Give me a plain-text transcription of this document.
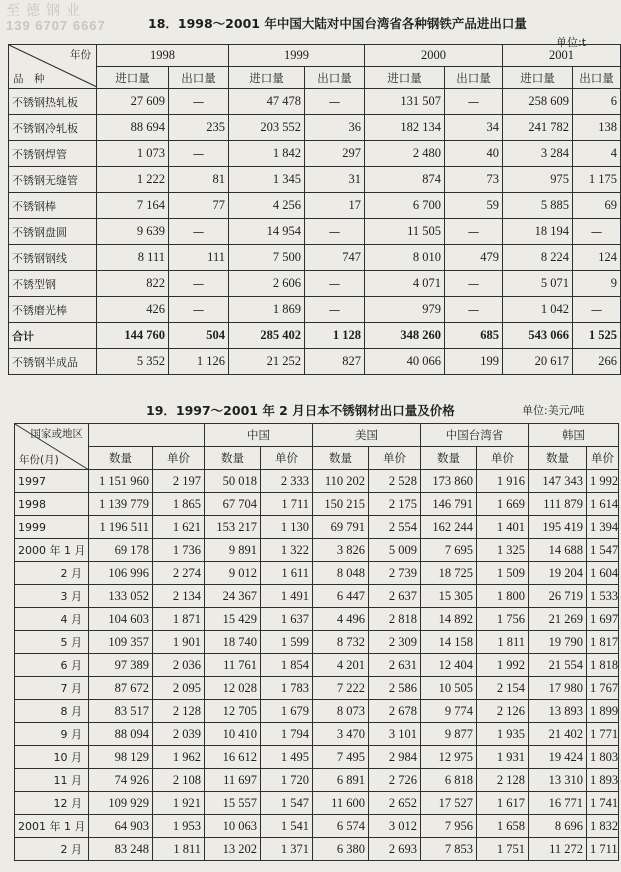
至德钢业
139 6707 6667	18．1998～2001 年中国大陆对中国台湾省各种钢铁产品进出口量
单位:t
年份
品　种	1998		1999		2000		2001	
	进口量	出口量	进口量	出口量	进口量	出口量	进口量	出口量
不锈钢热轧板	27 609	—	47 478	—	131 507	—	258 609	6
不锈钢冷轧板	88 694	235	203 552	36	182 134	34	241 782	138
不锈钢焊管	1 073	—	1 842	297	2 480	40	3 284	4
不锈钢无缝管	1 222	81	1 345	31	874	73	975	1 175
不锈钢棒	7 164	77	4 256	17	6 700	59	5 885	69
不锈钢盘圆	9 639	—	14 954	—	11 505	—	18 194	—
不锈钢钢线	8 111	111	7 500	747	8 010	479	8 224	124
不锈型钢	822	—	2 606	—	4 071	—	5 071	9
不锈磨光棒	426	—	1 869	—	979	—	1 042	—
合计	144 760	504	285 402	1 128	348 260	685	543 066	1 525
不锈钢半成品	5 352	1 126	21 252	827	40 066	199	20 617	266
19．1997～2001 年 2 月日本不锈钢材出口量及价格	单位:美元/吨
国家或地区
年份(月)			中国		美国		中国台湾省		韩国	
	数量	单价	数量	单价	数量	单价	数量	单价	数量	单价
1997	1 151 960	2 197	50 018	2 333	110 202	2 528	173 860	1 916	147 343	1 992
1998	1 139 779	1 865	67 704	1 711	150 215	2 175	146 791	1 669	111 879	1 614
1999	1 196 511	1 621	153 217	1 130	69 791	2 554	162 244	1 401	195 419	1 394
2000 年 1 月	69 178	1 736	9 891	1 322	3 826	5 009	7 695	1 325	14 688	1 547
2 月	106 996	2 274	9 012	1 611	8 048	2 739	18 725	1 509	19 204	1 604
3 月	133 052	2 134	24 367	1 491	6 447	2 637	15 305	1 800	26 719	1 533
4 月	104 603	1 871	15 429	1 637	4 496	2 818	14 892	1 756	21 269	1 697
5 月	109 357	1 901	18 740	1 599	8 732	2 309	14 158	1 811	19 790	1 817
6 月	97 389	2 036	11 761	1 854	4 201	2 631	12 404	1 992	21 554	1 818
7 月	87 672	2 095	12 028	1 783	7 222	2 586	10 505	2 154	17 980	1 767
8 月	83 517	2 128	12 705	1 679	8 073	2 678	9 774	2 126	13 893	1 899
9 月	88 094	2 039	10 410	1 794	3 470	3 101	9 877	1 935	21 402	1 771
10 月	98 129	1 962	16 612	1 495	7 495	2 984	12 975	1 931	19 424	1 803
11 月	74 926	2 108	11 697	1 720	6 891	2 726	6 818	2 128	13 310	1 893
12 月	109 929	1 921	15 557	1 547	11 600	2 652	17 527	1 617	16 771	1 741
2001 年 1 月	64 903	1 953	10 063	1 541	6 574	3 012	7 956	1 658	8 696	1 832
2 月	83 248	1 811	13 202	1 371	6 380	2 693	7 853	1 751	11 272	1 711
